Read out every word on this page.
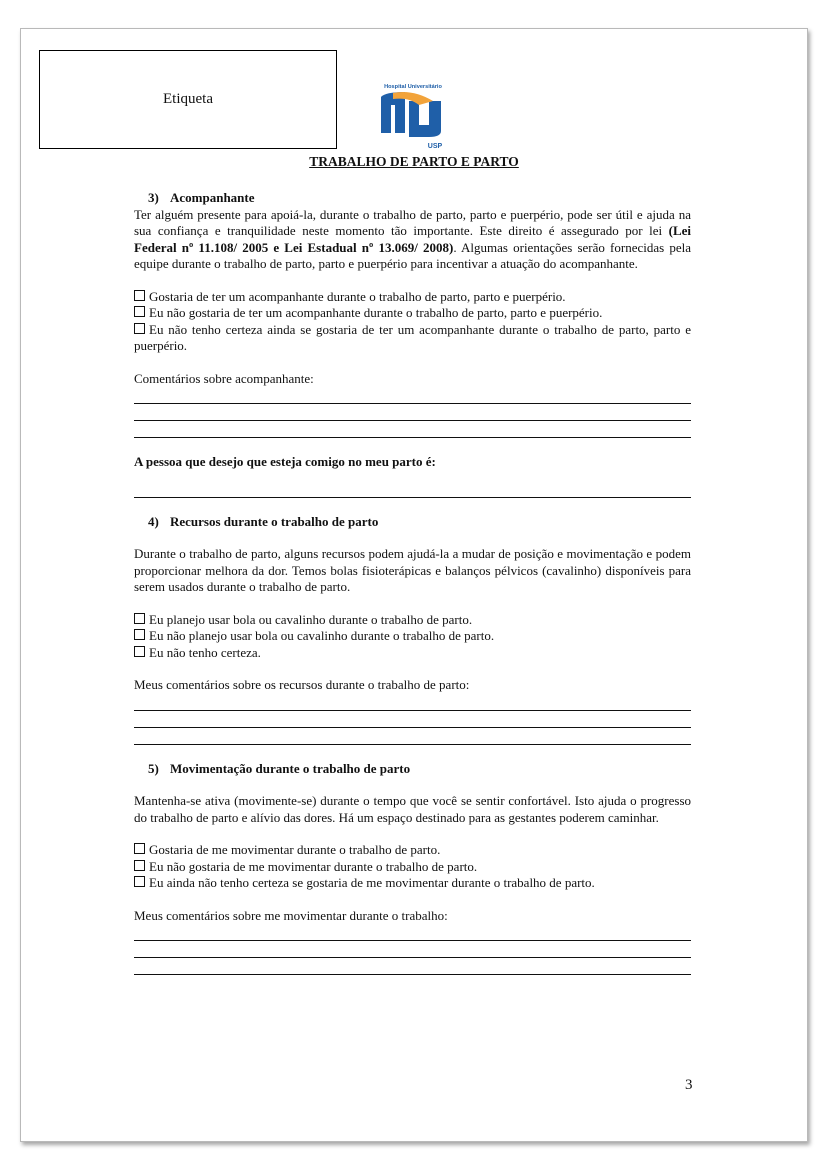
Etiqueta
Hospital Universitário
USP
TRABALHO DE PARTO E PARTO
3) Acompanhante

Ter alguém presente para apoiá-la, durante o trabalho de parto, parto e puerpério, pode ser útil e ajuda na sua confiança e tranquilidade neste momento tão importante. Este direito é assegurado por lei (Lei Federal nº 11.108/ 2005 e Lei Estadual nº 13.069/ 2008). Algumas orientações serão fornecidas pela equipe durante o trabalho de parto, parto e puerpério para incentivar a atuação do acompanhante.

Gostaria de ter um acompanhante durante o trabalho de parto, parto e puerpério.
Eu não gostaria de ter um acompanhante durante o trabalho de parto, parto e puerpério.
Eu não tenho certeza ainda se gostaria de ter um acompanhante durante o trabalho de parto, parto e puerpério.
Comentários sobre acompanhante:
A pessoa que desejo que esteja comigo no meu parto é:
4) Recursos durante o trabalho de parto

Durante o trabalho de parto, alguns recursos podem ajudá-la a mudar de posição e movimentação e podem proporcionar melhora da dor. Temos bolas fisioterápicas e balanços pélvicos (cavalinho) disponíveis para serem usados durante o trabalho de parto.

Eu planejo usar bola ou cavalinho durante o trabalho de parto.
Eu não planejo usar bola ou cavalinho durante o trabalho de parto.
Eu não tenho certeza.
Meus comentários sobre os recursos durante o trabalho de parto:
5) Movimentação durante o trabalho de parto

Mantenha-se ativa (movimente-se) durante o tempo que você se sentir confortável. Isto ajuda o progresso do trabalho de parto e alívio das dores. Há um espaço destinado para as gestantes poderem caminhar.

Gostaria de me movimentar durante o trabalho de parto.
Eu não gostaria de me movimentar durante o trabalho de parto.
Eu ainda não tenho certeza se gostaria de me movimentar durante o trabalho de parto.
Meus comentários sobre me movimentar durante o trabalho:
3
